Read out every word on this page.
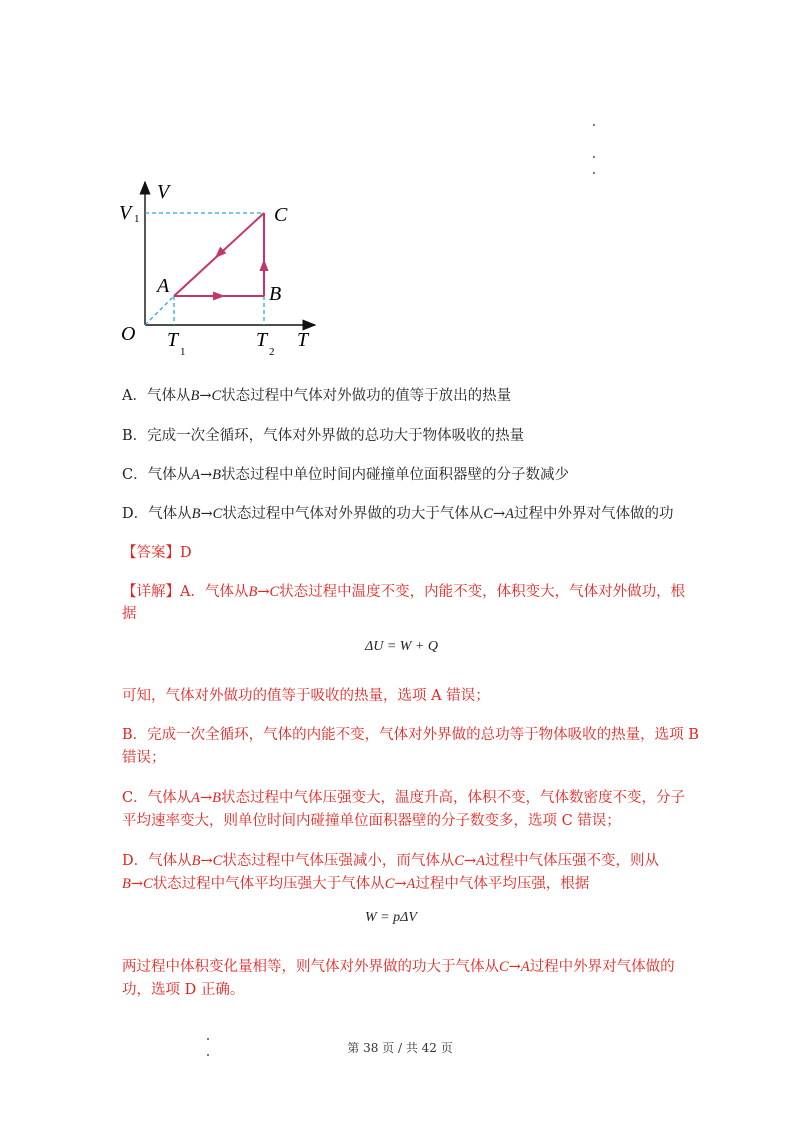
V
V 1	C
A	B
O T
1
T
2
T
A．气体从B→C状态过程中气体对外做功的值等于放出的热量
B．完成一次全循环，气体对外界做的总功大于物体吸收的热量
C．气体从A→B状态过程中单位时间内碰撞单位面积器壁的分子数减少
D．气体从B→C状态过程中气体对外界做的功大于气体从C→A过程中外界对气体做的功
【答案】D
【详解】A．气体从B→C状态过程中温度不变，内能不变，体积变大，气体对外做功，根
据
ΔU = W + Q
可知，气体对外做功的值等于吸收的热量，选项 A 错误；
B．完成一次全循环，气体的内能不变，气体对外界做的总功等于物体吸收的热量，选项 B
错误；
C．气体从A→B状态过程中气体压强变大，温度升高，体积不变，气体数密度不变，分子
平均速率变大，则单位时间内碰撞单位面积器壁的分子数变多，选项 C 错误；
D．气体从B→C状态过程中气体压强减小，而气体从C→A过程中气体压强不变，则从
B→C状态过程中气体平均压强大于气体从C→A过程中气体平均压强，根据
W = pΔV
两过程中体积变化量相等，则气体对外界做的功大于气体从C→A过程中外界对气体做的
功，选项 D 正确。
第 38 页 / 共 42 页
